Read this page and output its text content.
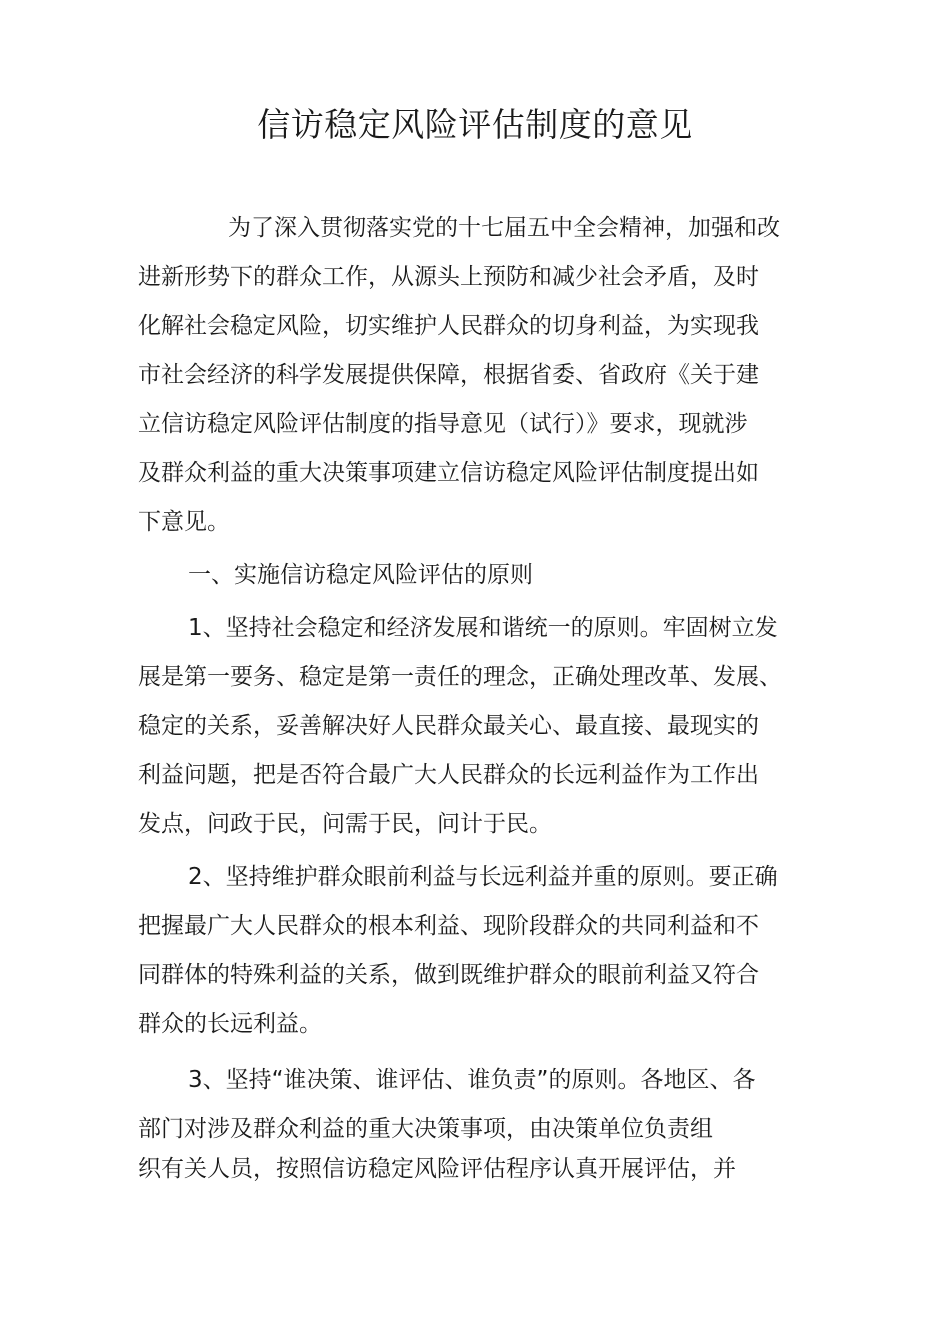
信访稳定风险评估制度的意见

为了深入贯彻落实党的十七届五中全会精神，加强和改

进新形势下的群众工作，从源头上预防和减少社会矛盾，及时

化解社会稳定风险，切实维护人民群众的切身利益，为实现我

市社会经济的科学发展提供保障，根据省委、省政府《关于建

立信访稳定风险评估制度的指导意见（试行）》要求，现就涉

及群众利益的重大决策事项建立信访稳定风险评估制度提出如

下意见。

一、实施信访稳定风险评估的原则

1、坚持社会稳定和经济发展和谐统一的原则。牢固树立发

展是第一要务、稳定是第一责任的理念，正确处理改革、发展、

稳定的关系，妥善解决好人民群众最关心、最直接、最现实的

利益问题，把是否符合最广大人民群众的长远利益作为工作出

发点，问政于民，问需于民，问计于民。

2、坚持维护群众眼前利益与长远利益并重的原则。要正确

把握最广大人民群众的根本利益、现阶段群众的共同利益和不

同群体的特殊利益的关系，做到既维护群众的眼前利益又符合

群众的长远利益。

3、坚持“谁决策、谁评估、谁负责”的原则。各地区、各

部门对涉及群众利益的重大决策事项，由决策单位负责组

织有关人员，按照信访稳定风险评估程序认真开展评估，并
